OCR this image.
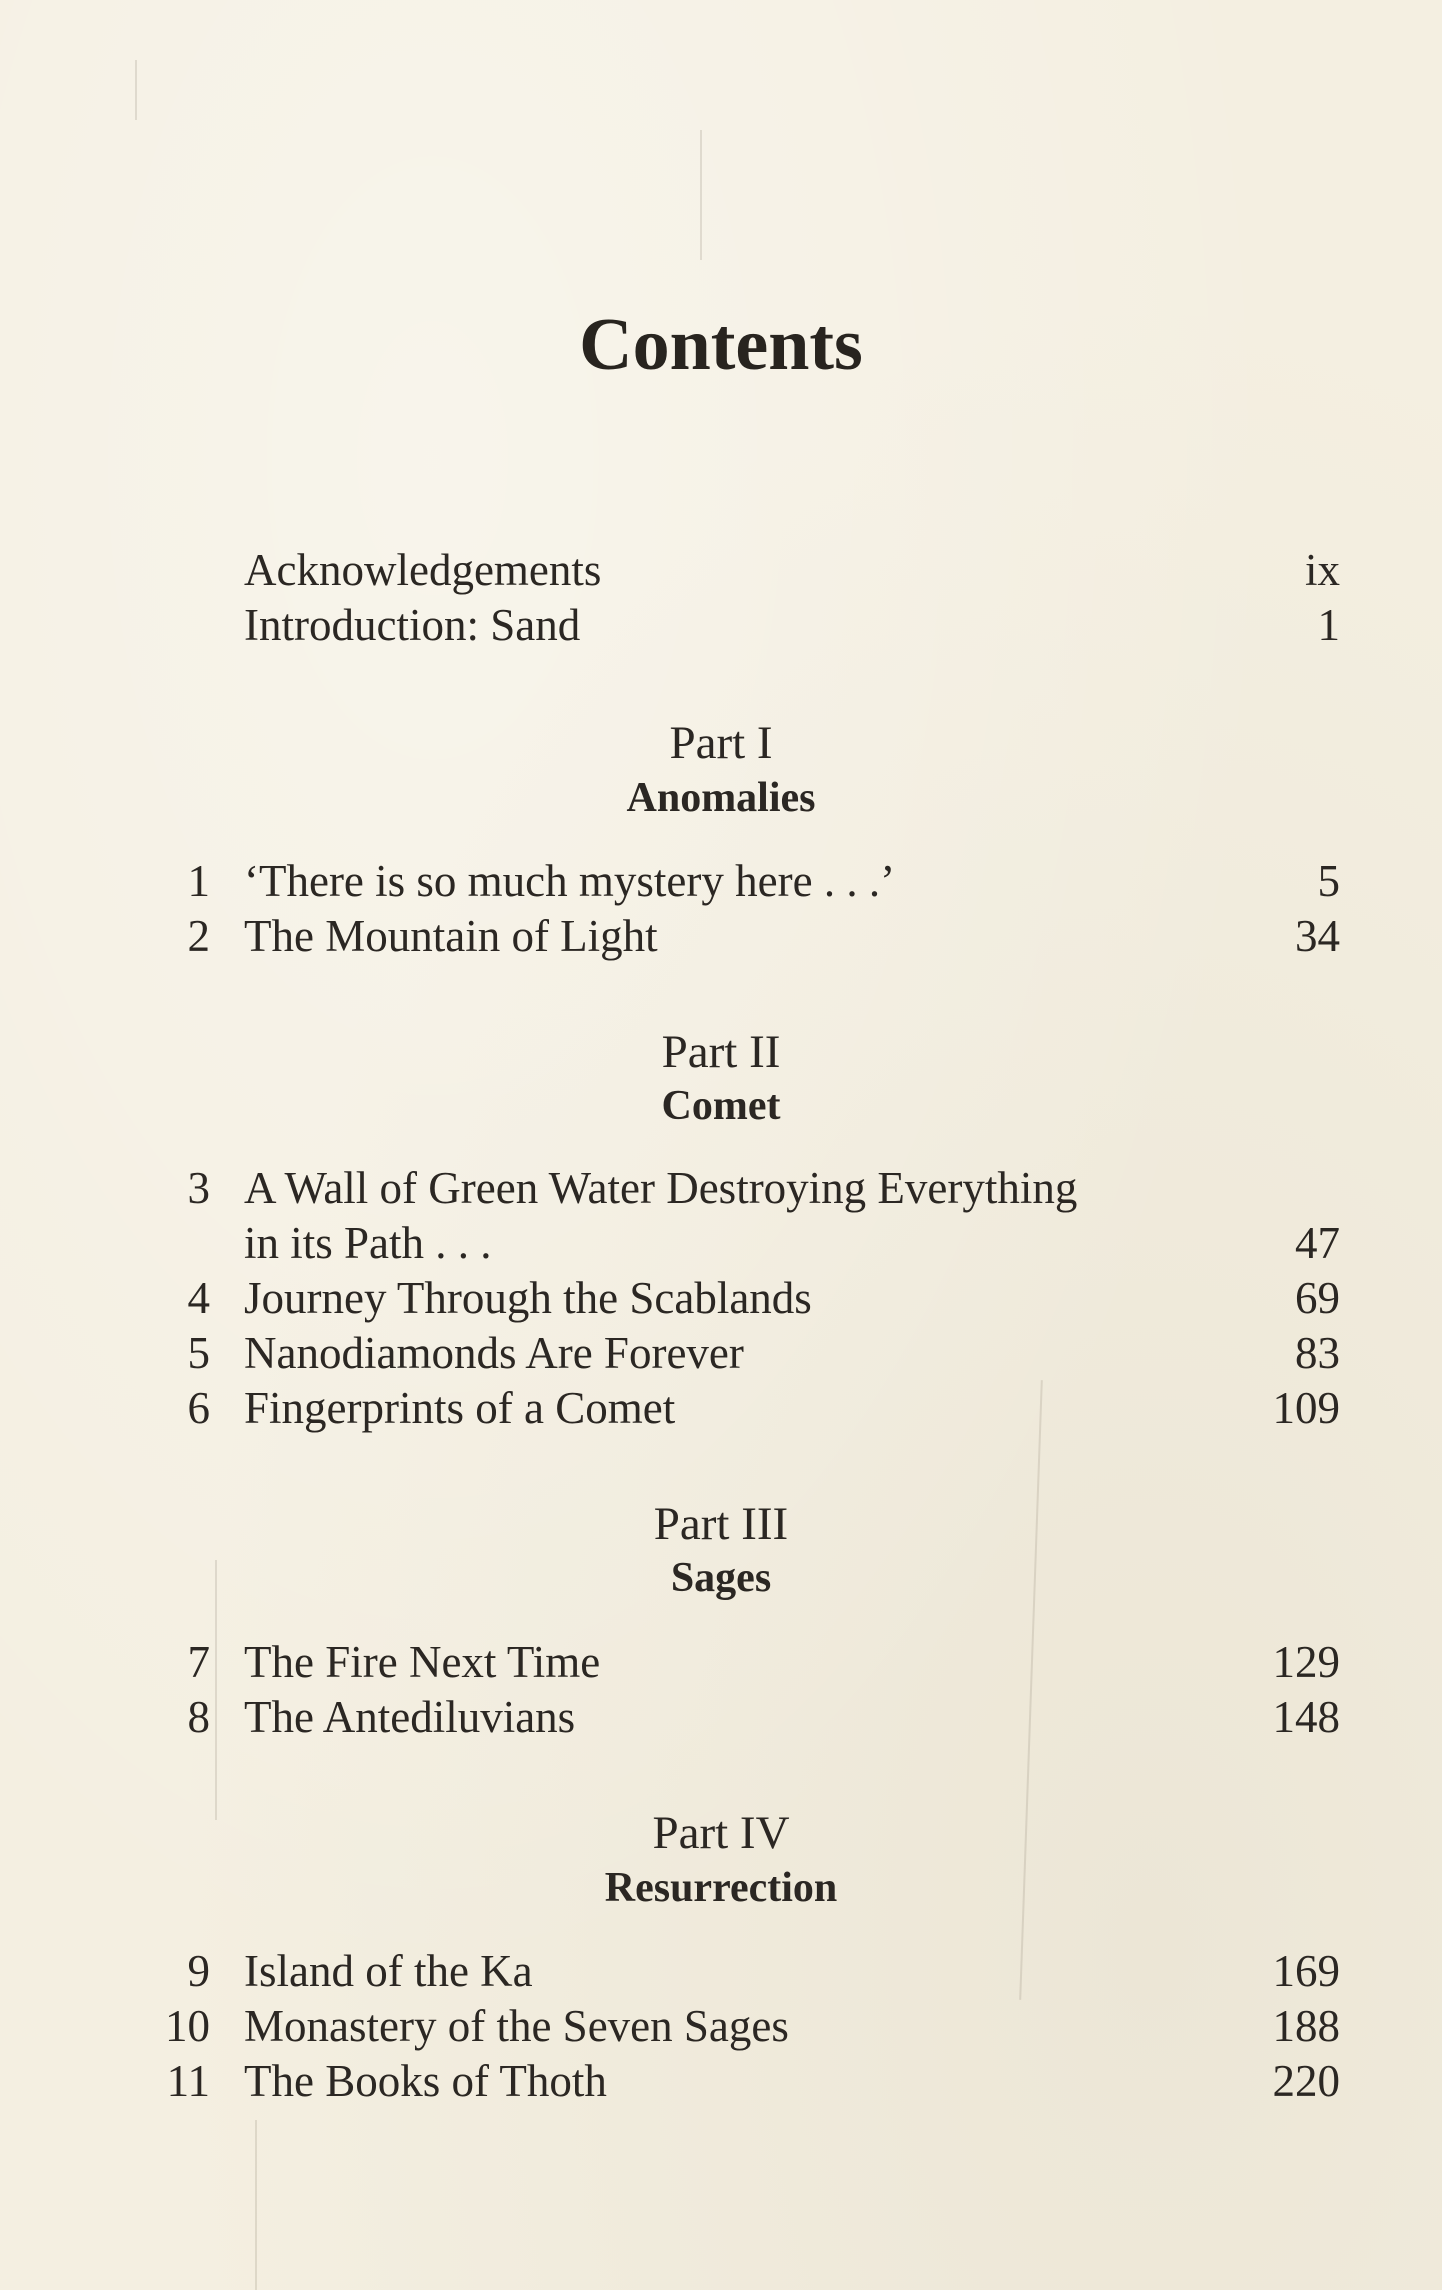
Contents
Acknowledgements	ix
Introduction: Sand	1
Part I
Anomalies
1 ‘There is so much mystery here . . .’	5
2 The Mountain of Light	34
Part II
Comet
3 A Wall of Green Water Destroying Everything
in its Path . . .	47
4 Journey Through the Scablands	69
5 Nanodiamonds Are Forever	83
6 Fingerprints of a Comet	109
Part III
Sages
7 The Fire Next Time	129
8 The Antediluvians	148
Part IV
Resurrection
9 Island of the Ka	169
10 Monastery of the Seven Sages	188
11 The Books of Thoth	220
